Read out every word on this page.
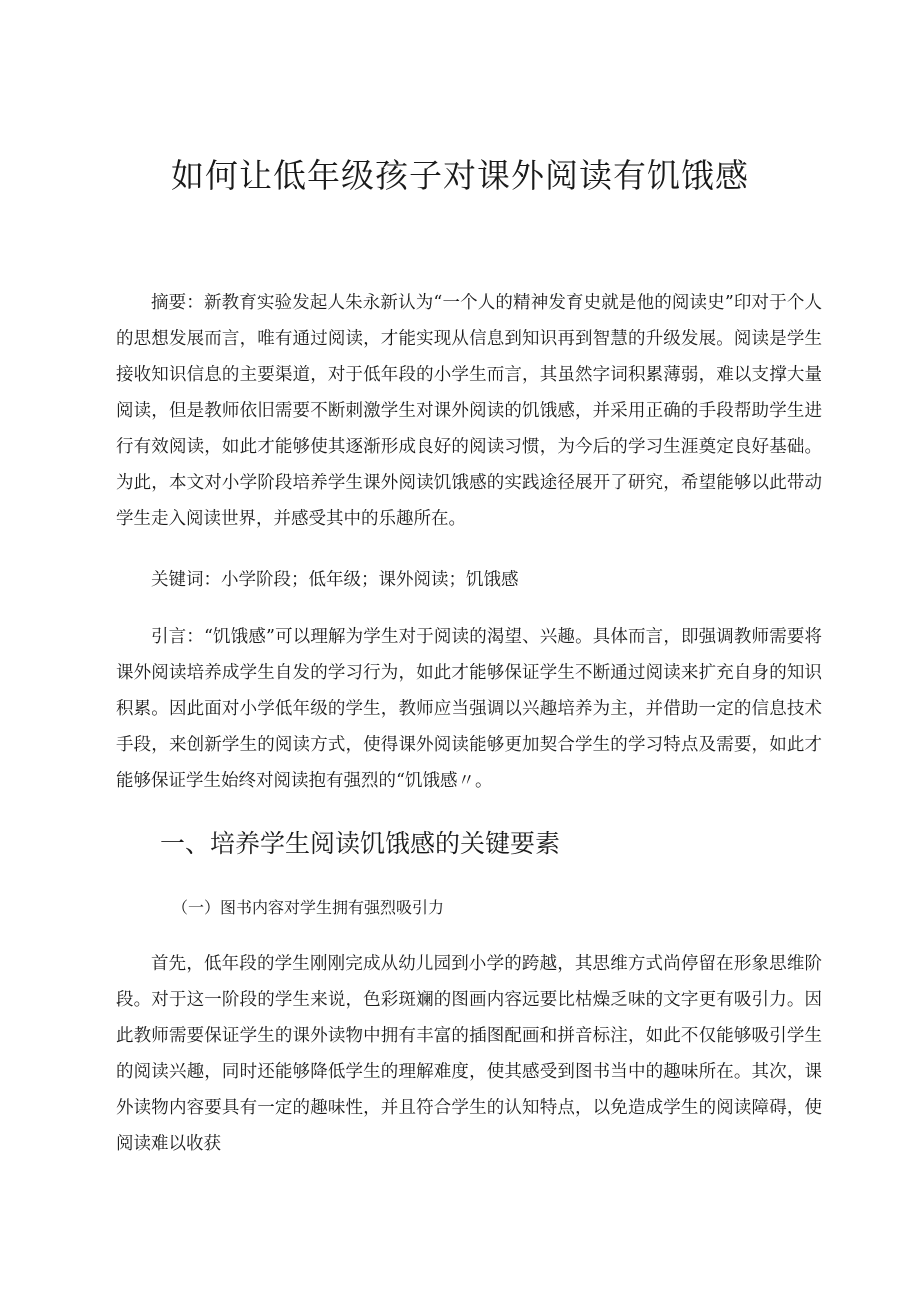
如何让低年级孩子对课外阅读有饥饿感

摘要：新教育实验发起人朱永新认为“一个人的精神发育史就是他的阅读史”印对于个人的思想发展而言，唯有通过阅读，才能实现从信息到知识再到智慧的升级发展。阅读是学生接收知识信息的主要渠道，对于低年段的小学生而言，其虽然字词积累薄弱，难以支撑大量阅读，但是教师依旧需要不断刺激学生对课外阅读的饥饿感，并采用正确的手段帮助学生进行有效阅读，如此才能够使其逐渐形成良好的阅读习惯，为今后的学习生涯奠定良好基础。为此，本文对小学阶段培养学生课外阅读饥饿感的实践途径展开了研究，希望能够以此带动学生走入阅读世界，并感受其中的乐趣所在。

关键词：小学阶段；低年级；课外阅读；饥饿感

引言：“饥饿感”可以理解为学生对于阅读的渴望、兴趣。具体而言，即强调教师需要将课外阅读培养成学生自发的学习行为，如此才能够保证学生不断通过阅读来扩充自身的知识积累。因此面对小学低年级的学生，教师应当强调以兴趣培养为主，并借助一定的信息技术手段，来创新学生的阅读方式，使得课外阅读能够更加契合学生的学习特点及需要，如此才能够保证学生始终对阅读抱有强烈的“饥饿感〃。

一、培养学生阅读饥饿感的关键要素
（一）图书内容对学生拥有强烈吸引力

首先，低年段的学生刚刚完成从幼儿园到小学的跨越，其思维方式尚停留在形象思维阶段。对于这一阶段的学生来说，色彩斑斓的图画内容远要比枯燥乏味的文字更有吸引力。因此教师需要保证学生的课外读物中拥有丰富的插图配画和拼音标注，如此不仅能够吸引学生的阅读兴趣，同时还能够降低学生的理解难度，使其感受到图书当中的趣味所在。其次，课外读物内容要具有一定的趣味性，并且符合学生的认知特点，以免造成学生的阅读障碍，使阅读难以收获
